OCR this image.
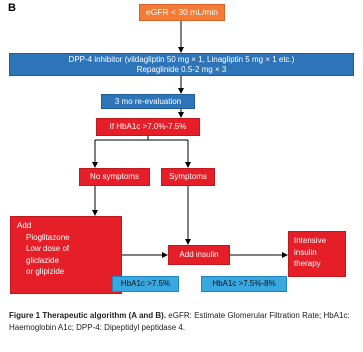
B	eGFR < 30 mL/min
DPP-4 inhibitor (vildagliptin 50 mg × 1, Linagliptin 5 mg × 1 etc.)
Repaglinide 0.5-2 mg × 3
3 mo re-evaluation
If HbA1c >7.0%-7.5%
No symptoms	Symptoms
Add
Pioglitazone
Low dose of
gliclazide
or glipizide
Add insulin
Intensive
insulin
therapy
HbA1c >7.5%	HbA1c >7.5%-8%
Figure 1 Therapeutic algorithm (A and B). eGFR: Estimate Glomerular Filtration Rate; HbA1c: Haemoglobin A1c; DPP-4: Dipeptidyl peptidase 4.
